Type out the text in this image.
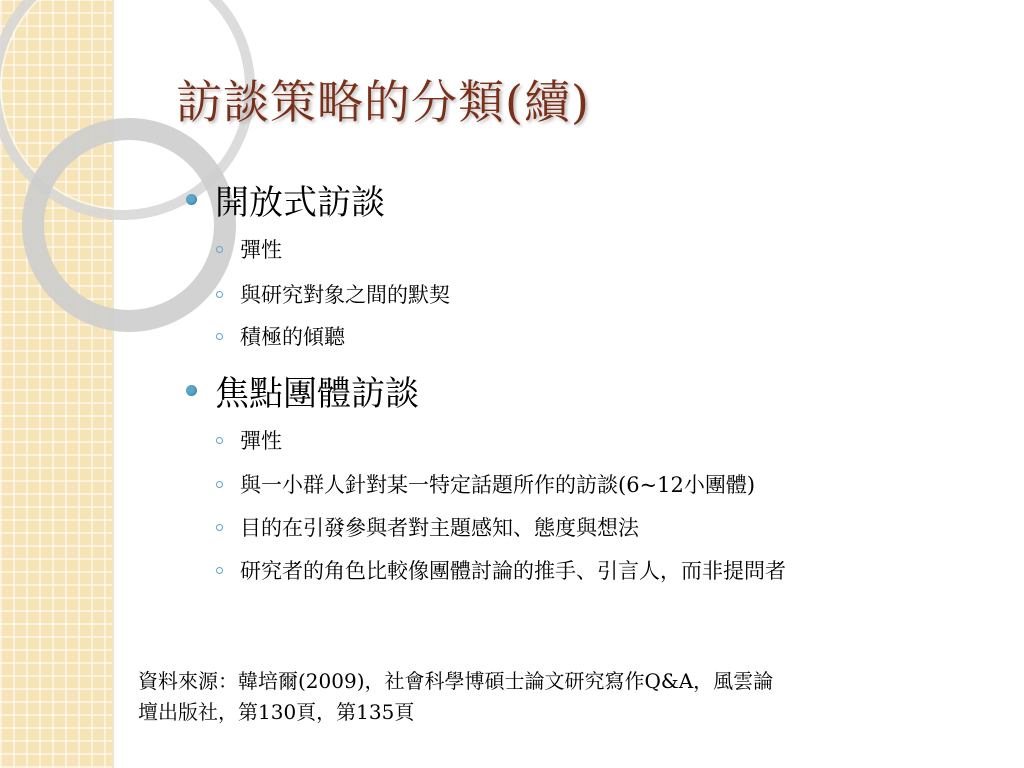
訪談策略的分類(續)
開放式訪談
彈性
與研究對象之間的默契
積極的傾聽
焦點團體訪談
彈性
與一小群人針對某一特定話題所作的訪談(6~12小團體)
目的在引發參與者對主題感知、態度與想法
研究者的角色比較像團體討論的推手、引言人，而非提問者
資料來源：韓培爾(2009)，社會科學博碩士論文研究寫作Q&A，風雲論
壇出版社，第130頁，第135頁
